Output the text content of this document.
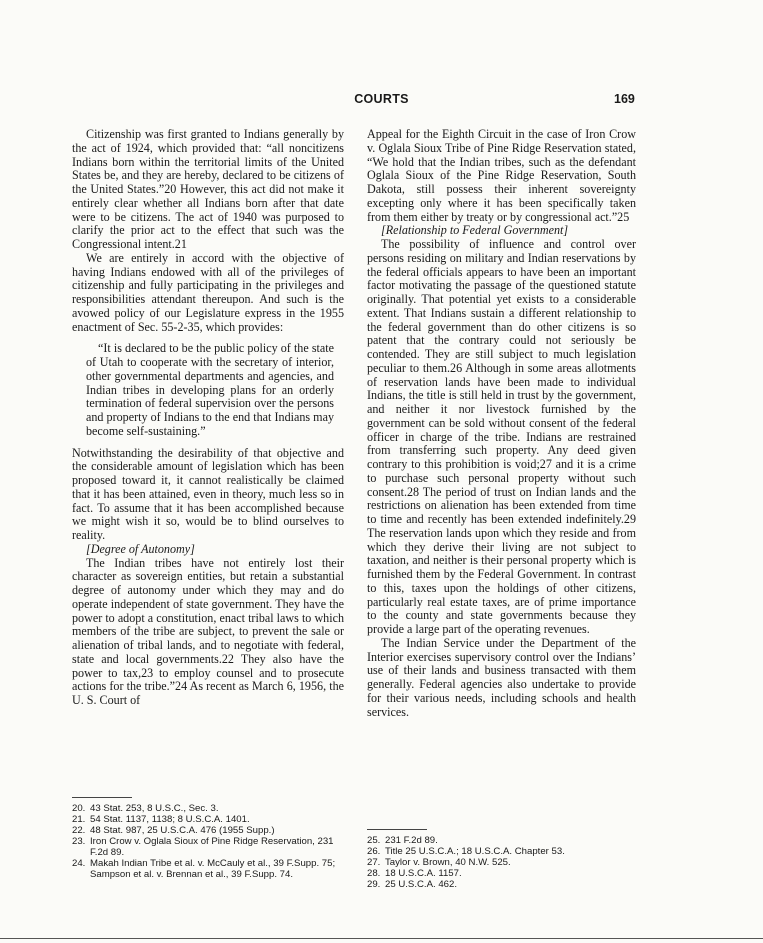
COURTS	169

Citizenship was first granted to Indians generally by the act of 1924, which provided that: “all noncitizens Indians born within the territorial limits of the United States be, and they are hereby, declared to be citizens of the United States.”20 However, this act did not make it entirely clear whether all Indians born after that date were to be citizens. The act of 1940 was purposed to clarify the prior act to the effect that such was the Congressional intent.21

We are entirely in accord with the objective of having Indians endowed with all of the privileges of citizenship and fully participating in the privileges and responsibilities attendant thereupon. And such is the avowed policy of our Legislature express in the 1955 enactment of Sec. 55-2-35, which provides:

“It is declared to be the public policy of the state of Utah to cooperate with the secretary of interior, other governmental departments and agencies, and Indian tribes in developing plans for an orderly termination of federal supervision over the persons and property of Indians to the end that Indians may become self-sustaining.”

Notwithstanding the desirability of that objective and the considerable amount of legislation which has been proposed toward it, it cannot realistically be claimed that it has been attained, even in theory, much less so in fact. To assume that it has been accomplished because we might wish it so, would be to blind ourselves to reality.

[Degree of Autonomy]

The Indian tribes have not entirely lost their character as sovereign entities, but retain a substantial degree of autonomy under which they may and do operate independent of state government. They have the power to adopt a constitution, enact tribal laws to which members of the tribe are subject, to prevent the sale or alienation of tribal lands, and to negotiate with federal, state and local governments.22 They also have the power to tax,23 to employ counsel and to prosecute actions for the tribe.”24 As recent as March 6, 1956, the U. S. Court of

Appeal for the Eighth Circuit in the case of Iron Crow v. Oglala Sioux Tribe of Pine Ridge Reservation stated, “We hold that the Indian tribes, such as the defendant Oglala Sioux of the Pine Ridge Reservation, South Dakota, still possess their inherent sovereignty excepting only where it has been specifically taken from them either by treaty or by congressional act.”25

[Relationship to Federal Government]

The possibility of influence and control over persons residing on military and Indian reservations by the federal officials appears to have been an important factor motivating the passage of the questioned statute originally. That potential yet exists to a considerable extent. That Indians sustain a different relationship to the federal government than do other citizens is so patent that the contrary could not seriously be contended. They are still subject to much legislation peculiar to them.26 Although in some areas allotments of reservation lands have been made to individual Indians, the title is still held in trust by the government, and neither it nor livestock furnished by the government can be sold without consent of the federal officer in charge of the tribe. Indians are restrained from transferring such property. Any deed given contrary to this prohibition is void;27 and it is a crime to purchase such personal property without such consent.28 The period of trust on Indian lands and the restrictions on alienation has been extended from time to time and recently has been extended indefinitely.29 The reservation lands upon which they reside and from which they derive their living are not subject to taxation, and neither is their personal property which is furnished them by the Federal Government. In contrast to this, taxes upon the holdings of other citizens, particularly real estate taxes, are of prime importance to the county and state governments because they provide a large part of the operating revenues.

The Indian Service under the Department of the Interior exercises supervisory control over the Indians’ use of their lands and business transacted with them generally. Federal agencies also undertake to provide for their various needs, including schools and health services.

20. 43 Stat. 253, 8 U.S.C., Sec. 3.
21. 54 Stat. 1137, 1138; 8 U.S.C.A. 1401.
22. 48 Stat. 987, 25 U.S.C.A. 476 (1955 Supp.)
23. Iron Crow v. Oglala Sioux of Pine Ridge Reservation, 231 F.2d 89.
24. Makah Indian Tribe et al. v. McCauly et al., 39 F.Supp. 75; Sampson et al. v. Brennan et al., 39 F.Supp. 74.
25. 231 F.2d 89.
26. Title 25 U.S.C.A.; 18 U.S.C.A. Chapter 53.
27. Taylor v. Brown, 40 N.W. 525.
28. 18 U.S.C.A. 1157.
29. 25 U.S.C.A. 462.
